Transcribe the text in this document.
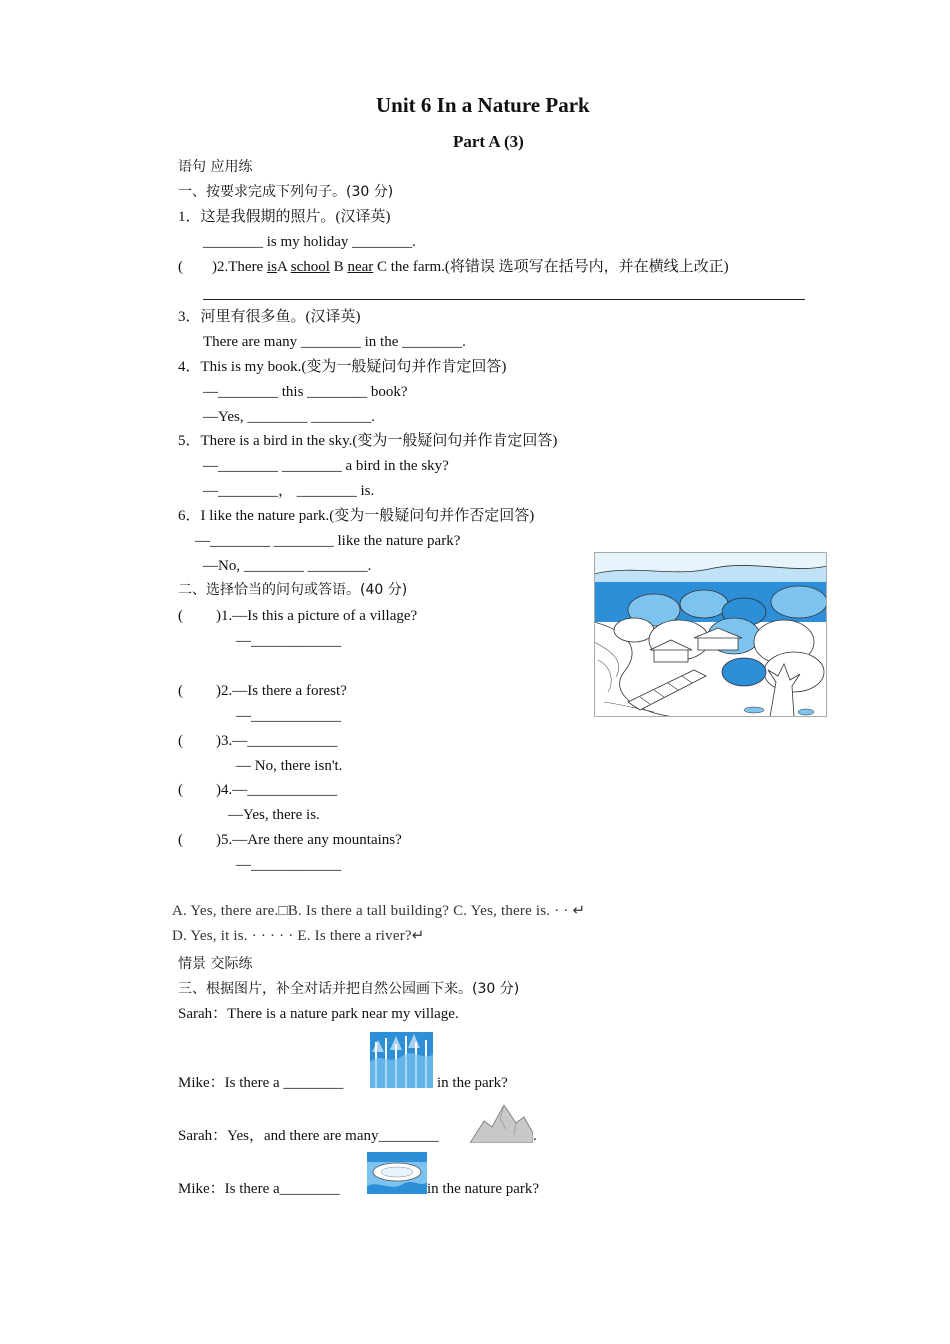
Unit 6 In a Nature Park
Part A (3)
语句 应用练
一、按要求完成下列句子。(30 分)
1．这是我假期的照片。(汉译英)
________ is my holiday ________.
( )2.There isA school B near C the farm.(将错误 选项写在括号内，并在横线上改正)
3．河里有很多鱼。(汉译英)
There are many ________ in the ________.
4．This is my book.(变为一般疑问句并作肯定回答)
—________ this ________ book?
—Yes, ________ ________.
5．There is a bird in the sky.(变为一般疑问句并作肯定回答)
—________ ________ a bird in the sky?
—________， ________ is.
6．I like the nature park.(变为一般疑问句并作否定回答)
—________ ________ like the nature park?
—No, ________ ________.
二、选择恰当的问句或答语。(40 分)
( )1.—Is this a picture of a village?
—____________
( )2.—Is there a forest?
—____________
( )3.—____________
— No, there isn't.
( )4.—____________
—Yes, there is.
( )5.—Are there any mountains?
—____________
A. Yes, there are.□B. Is there a tall building? C. Yes, there is. · · ↵
D. Yes, it is. · · · · · E. Is there a river?↵
情景 交际练
三、根据图片，补全对话并把自然公园画下来。(30 分)
Sarah：There is a nature park near my village.
Mike：Is there a ________	in the park?
Sarah：Yes，and there are many________	.
Mike：Is there a________	in the nature park?
